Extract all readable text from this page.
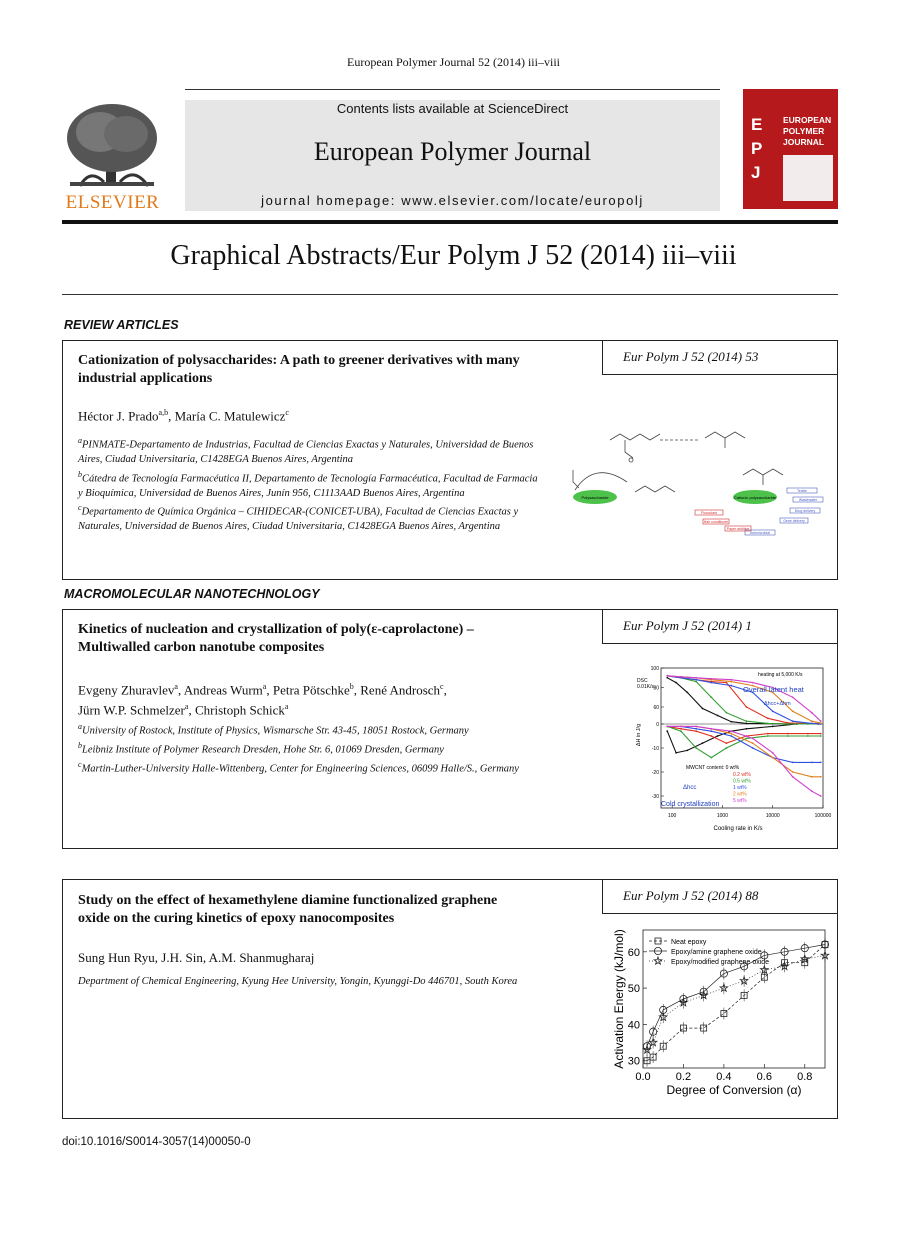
European Polymer Journal 52 (2014) iii–viii
ELSEVIER
Contents lists available at ScienceDirect
European Polymer Journal
journal homepage: www.elsevier.com/locate/europolj
E
P
J
EUROPEAN
POLYMER
JOURNAL
Graphical Abstracts/Eur Polym J 52 (2014) iii–viii
REVIEW ARTICLES
Eur Polym J 52 (2014) 53
Cationization of polysaccharides: A path to greener derivatives with many industrial applications
Héctor J. Prado$^{a,b}$, María C. Matulewicz$^c$

$^a$PINMATE-Departamento de Industrias, Facultad de Ciencias Exactas y Naturales, Universidad de Buenos Aires, Ciudad Universitaria, C1428EGA Buenos Aires, Argentina

$^b$Cátedra de Tecnología Farmacéutica II, Departamento de Tecnología Farmacéutica, Facultad de Farmacia y Bioquímica, Universidad de Buenos Aires, Junín 956, C1113AAD Buenos Aires, Argentina

$^c$Departamento de Química Orgánica – CIHIDECAR-(CONICET-UBA), Facultad de Ciencias Exactas y Naturales, Universidad de Buenos Aires, Ciudad Universitaria, C1428EGA Buenos Aires, Argentina

Polysaccharide	Cationic polysaccharide
Flocculant
Hair conditioner
Paper additive
Textile
Wastewater
Drug delivery
Gene delivery
Antimicrobial
MACROMOLECULAR NANOTECHNOLOGY
Eur Polym J 52 (2014) 1
Kinetics of nucleation and crystallization of poly(ε-caprolactone) – Multiwalled carbon nanotube composites
Evgeny Zhuravlev$^a$, Andreas Wurm$^a$, Petra Pötschke$^b$, René Androsch$^c$,
Jürn W.P. Schmelzer$^a$, Christoph Schick$^a$

$^a$University of Rostock, Institute of Physics, Wismarsche Str. 43-45, 18051 Rostock, Germany

$^b$Leibniz Institute of Polymer Research Dresden, Hohe Str. 6, 01069 Dresden, Germany

$^c$Martin-Luther-University Halle-Wittenberg, Center for Engineering Sciences, 06099 Halle/S., Germany

100
80
60
0
-10
-20
-30
100	1000	10000	100000
DSC
0.01K/s
heating at 5,000 K/s
Overall latent heat
Δhcc+Δhm
MWCNT content: 0 wt%
0.2 wt%
0.5 wt%
1 wt%
2 wt%
5 wt%
Δhcc
Cold crystallization
Cooling rate in K/s
ΔH in J/g
Eur Polym J 52 (2014) 88
Study on the effect of hexamethylene diamine functionalized graphene oxide on the curing kinetics of epoxy nanocomposites
Sung Hun Ryu, J.H. Sin, A.M. Shanmugharaj

Department of Chemical Engineering, Kyung Hee University, Yongin, Kyunggi-Do 446701, South Korea

30
40
50
60
0.0 0.2 0.4 0.6 0.8
Neat epoxy
Epoxy/amine graphene oxide
Epoxy/modified graphene oxide
Degree of Conversion (α)
Activation Energy (kJ/mol)
doi:10.1016/S0014-3057(14)00050-0
